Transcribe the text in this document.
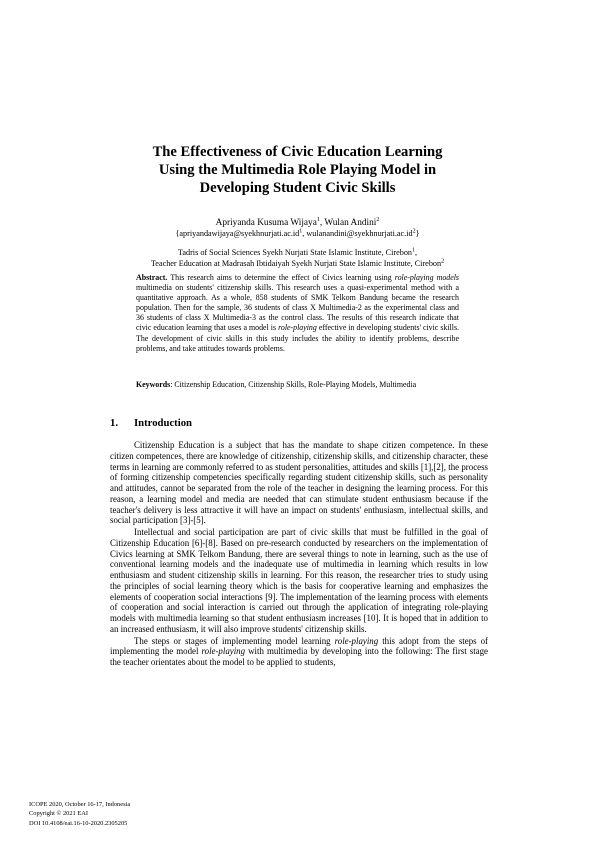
The Effectiveness of Civic Education Learning
Using the Multimedia Role Playing Model in
Developing Student Civic Skills
Apriyanda Kusuma Wijaya$^1$, Wulan Andini$^2$
{$apriyandawijaya@syekhnurjati.ac.id^1$, $wulanandini@syekhnurjati.ac.id^2$}
Tadris of Social Sciences Syekh Nurjati State Islamic Institute, Cirebon$^1$,
Teacher Education at Madrasah Ibtidaiyah Syekh Nurjati State Islamic Institute, Cirebon$^2$
Abstract. This research aims to determine the effect of Civics learning using role-playing models multimedia on students' citizenship skills. This research uses a quasi-experimental method with a quantitative approach. As a whole, 858 students of SMK Telkom Bandung became the research population. Then for the sample, 36 students of class X Multimedia-2 as the experimental class and 36 students of class X Multimedia-3 as the control class. The results of this research indicate that civic education learning that uses a model is role-playing effective in developing students' civic skills. The development of civic skills in this study includes the ability to identify problems, describe problems, and take attitudes towards problems.
Keywords: Citizenship Education, Citizenship Skills, Role-Playing Models, Multimedia
1. Introduction

Citizenship Education is a subject that has the mandate to shape citizen competence. In these citizen competences, there are knowledge of citizenship, citizenship skills, and citizenship character, these terms in learning are commonly referred to as student personalities, attitudes and skills [1],[2], the process of forming citizenship competencies specifically regarding student citizenship skills, such as personality and attitudes, cannot be separated from the role of the teacher in designing the learning process. For this reason, a learning model and media are needed that can stimulate student enthusiasm because if the teacher's delivery is less attractive it will have an impact on students' enthusiasm, intellectual skills, and social participation [3]-[5].

Intellectual and social participation are part of civic skills that must be fulfilled in the goal of Citizenship Education [6]-[8]. Based on pre-research conducted by researchers on the implementation of Civics learning at SMK Telkom Bandung, there are several things to note in learning, such as the use of conventional learning models and the inadequate use of multimedia in learning which results in low enthusiasm and student citizenship skills in learning. For this reason, the researcher tries to study using the principles of social learning theory which is the basis for cooperative learning and emphasizes the elements of cooperation social interactions [9]. The implementation of the learning process with elements of cooperation and social interaction is carried out through the application of integrating role-playing models with multimedia learning so that student enthusiasm increases [10]. It is hoped that in addition to an increased enthusiasm, it will also improve students' citizenship skills.

The steps or stages of implementing model learning role-playing this adopt from the steps of implementing the model role-playing with multimedia by developing into the following: The first stage the teacher orientates about the model to be applied to students,

ICOPE 2020, October 16-17, Indonesia
Copyright © 2021 EAI
DOI 10.4108/eai.16-10-2020.2305205
